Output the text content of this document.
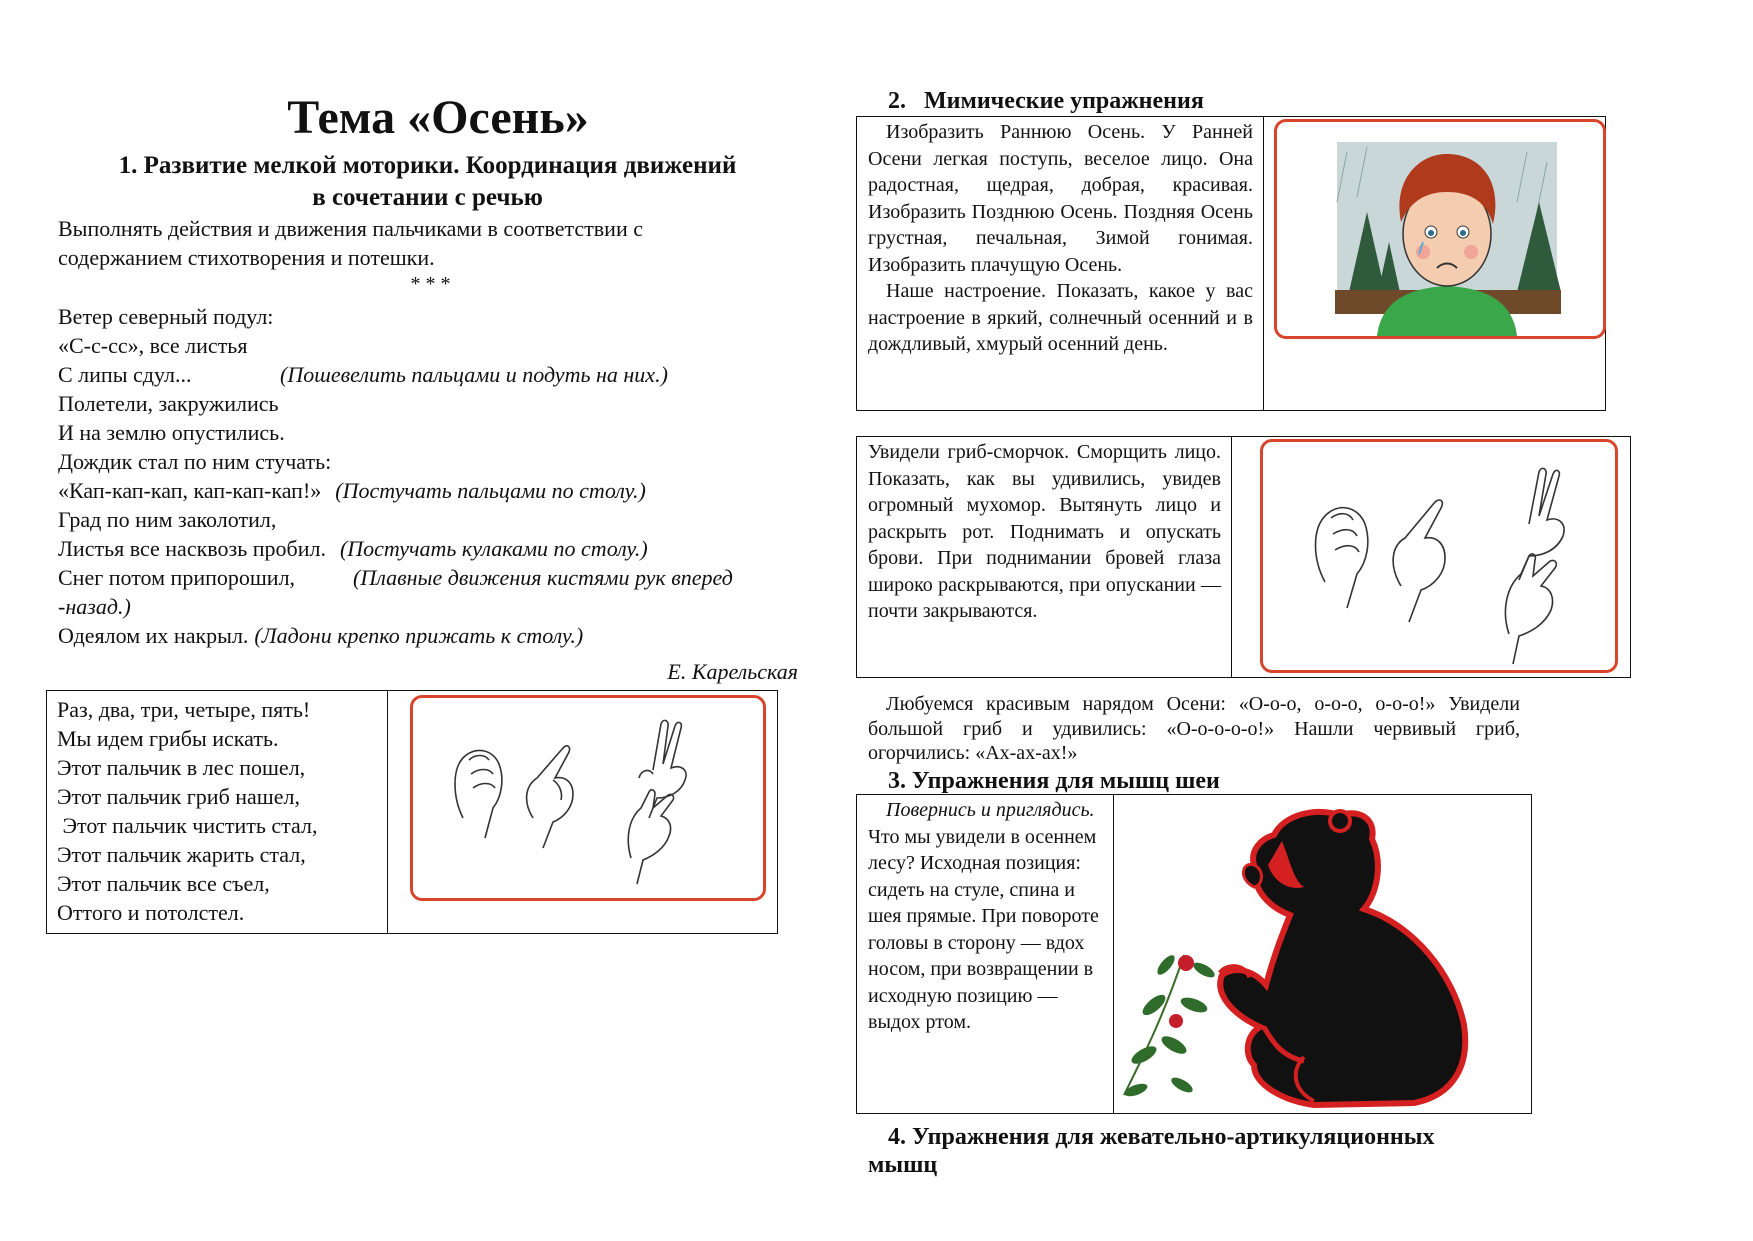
Тема «Осень»
1. Развитие мелкой моторики. Координация движений
в сочетании с речью
Выполнять действия и движения пальчиками в соответствии с
содержанием стихотворения и потешки.
* * *
Ветер северный подул:
«С-с-сс», все листья
С липы сдул...	(Пошевелить пальцами и подуть на них.)
Полетели, закружились
И на землю опустились.
Дождик стал по ним стучать:
«Кап-кап-кап, кап-кап-кап!» (Постучать пальцами по столу.)
Град по ним заколотил,
Листья все насквозь пробил. (Постучать кулаками по столу.)
Снег потом припорошил,	(Плавные движения кистями рук вперед
-назад.)
Одеялом их накрыл. (Ладони крепко прижать к столу.)
Е. Карельская
Раз, два, три, четыре, пять!
Мы идем грибы искать.
Этот пальчик в лес пошел,
Этот пальчик гриб нашел,
Этот пальчик чистить стал,
Этот пальчик жарить стал,
Этот пальчик все съел,
Оттого и потолстел.

2.   Мимические упражнения

Изобразить Раннюю Осень. У Ранней Осени легкая поступь, веселое лицо. Она радостная, щедрая, добрая, красивая. Изобразить Позднюю Осень. Поздняя Осень грустная, печальная, Зимой гонимая. Изобразить плачущую Осень.

Наше настроение. Показать, какое у вас настроение в яркий, солнечный осенний и в дождливый, хмурый осенний день.

Увидели гриб-сморчок. Сморщить лицо. Показать, как вы удивились, увидев огромный мухомор. Вытянуть лицо и раскрыть рот. Поднимать и опускать брови. При поднимании бровей глаза широко раскрываются, при опускании — почти закрываются.

Любуемся красивым нарядом Осени: «О-о-о, о-о-о, о-о-о!» Увидели большой гриб и удивились: «О-о-о-о-о!» Нашли червивый гриб, огорчились: «Ах-ах-ах!»
3. Упражнения для мышц шеи
Повернись и приглядись. Что мы увидели в осеннем лесу? Исходная позиция: сидеть на стуле, спина и шея прямые. При повороте головы в сторону — вдох носом, при возвращении в исходную позицию — выдох ртом.

4. Упражнения для жевательно-артикуляционных
мышц
